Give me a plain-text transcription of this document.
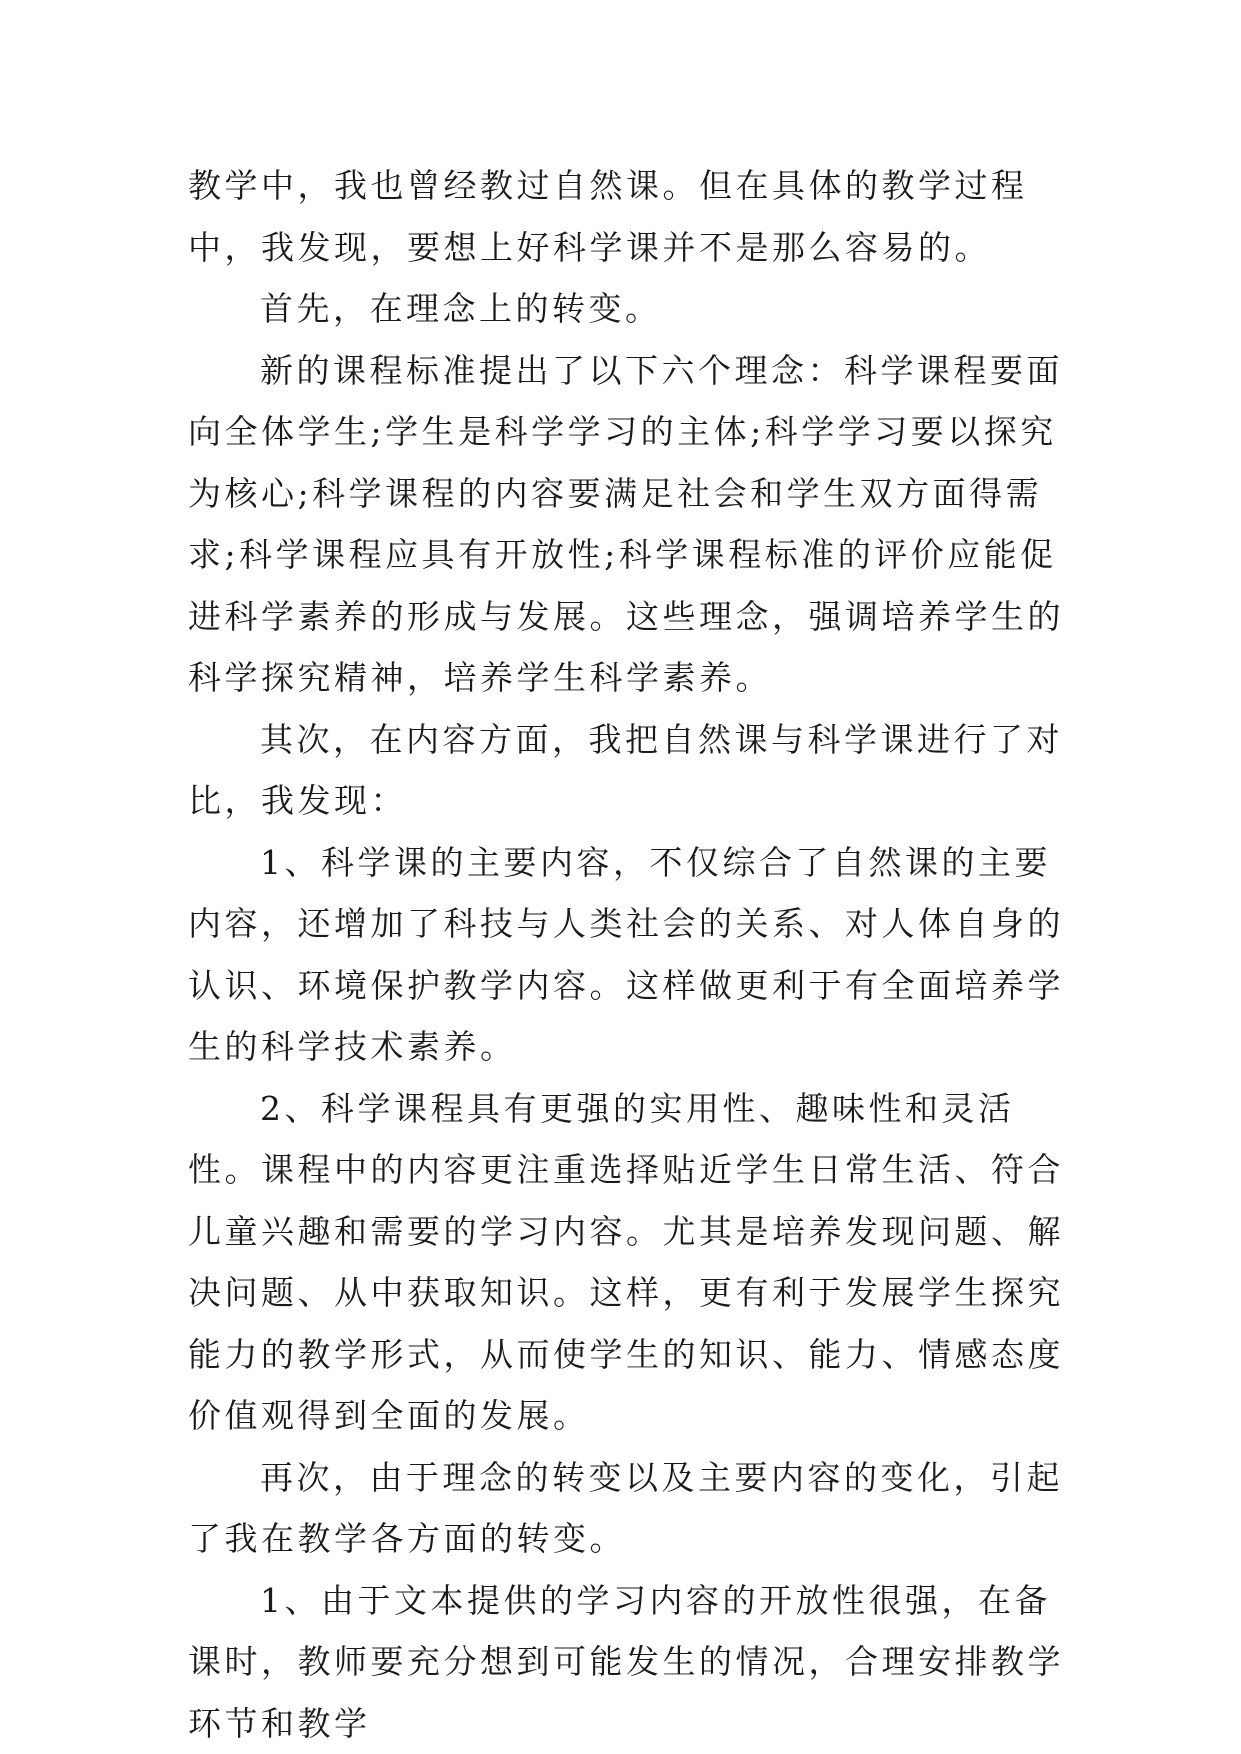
教学中，我也曾经教过自然课。但在具体的教学过程中，我发现，要想上好科学课并不是那么容易的。

首先，在理念上的转变。

新的课程标准提出了以下六个理念：科学课程要面向全体学生;学生是科学学习的主体;科学学习要以探究为核心;科学课程的内容要满足社会和学生双方面得需求;科学课程应具有开放性;科学课程标准的评价应能促进科学素养的形成与发展。这些理念，强调培养学生的科学探究精神，培养学生科学素养。

其次，在内容方面，我把自然课与科学课进行了对比，我发现：

1、科学课的主要内容，不仅综合了自然课的主要内容，还增加了科技与人类社会的关系、对人体自身的认识、环境保护教学内容。这样做更利于有全面培养学生的科学技术素养。

2、科学课程具有更强的实用性、趣味性和灵活性。课程中的内容更注重选择贴近学生日常生活、符合儿童兴趣和需要的学习内容。尤其是培养发现问题、解决问题、从中获取知识。这样，更有利于发展学生探究能力的教学形式，从而使学生的知识、能力、情感态度价值观得到全面的发展。

再次，由于理念的转变以及主要内容的变化，引起了我在教学各方面的转变。

1、由于文本提供的学习内容的开放性很强，在备课时，教师要充分想到可能发生的情况，合理安排教学环节和教学
